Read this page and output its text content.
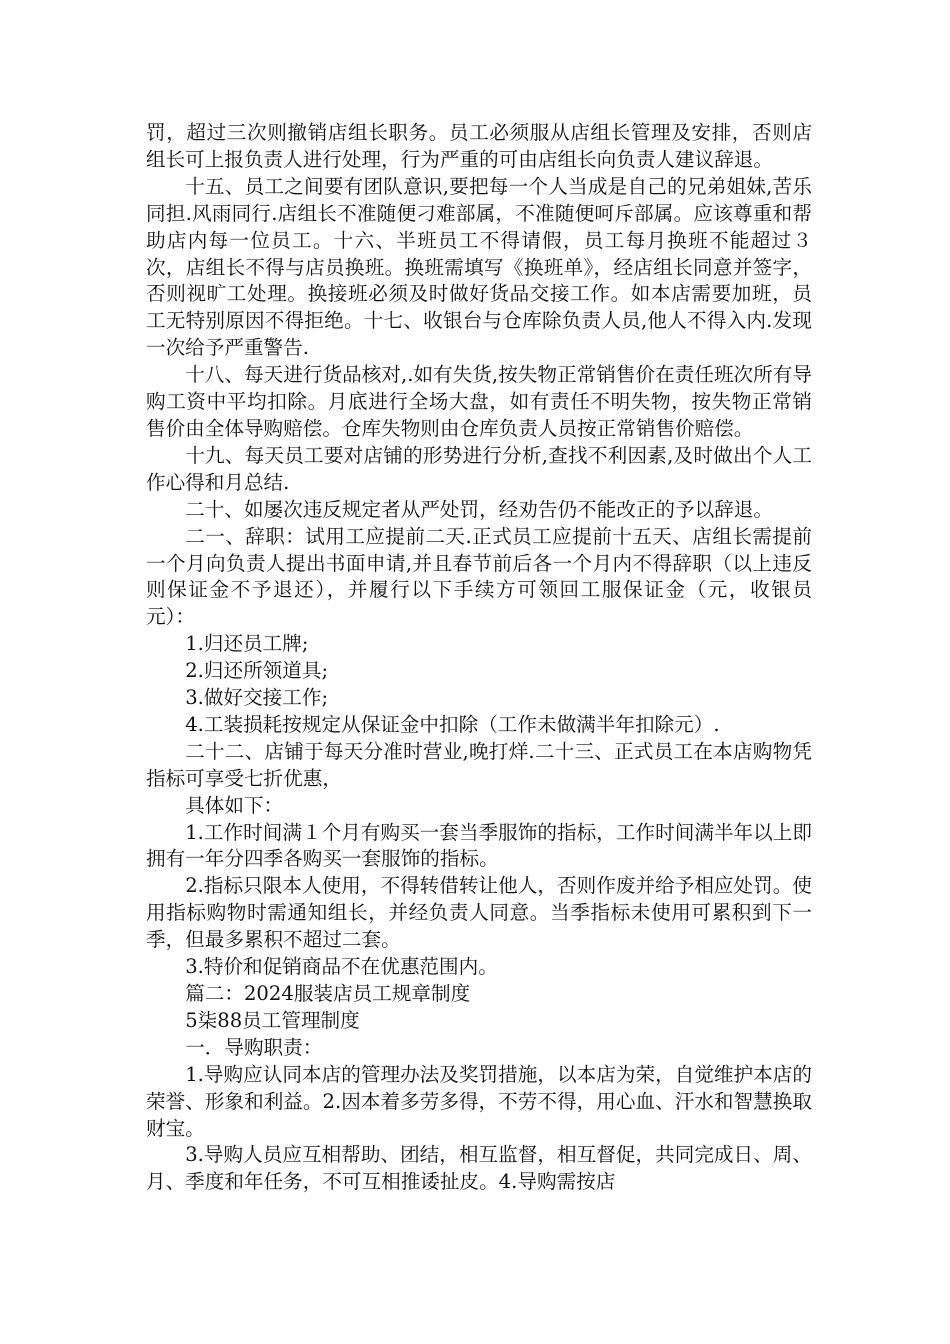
罚，超过三次则撤销店组长职务。员工必须服从店组长管理及安排，否则店组长可上报负责人进行处理，行为严重的可由店组长向负责人建议辞退。

十五、员工之间要有团队意识,要把每一个人当成是自己的兄弟姐妹,苦乐同担.风雨同行.店组长不准随便刁难部属，不准随便呵斥部属。应该尊重和帮助店内每一位员工。十六、半班员工不得请假，员工每月换班不能超过３次，店组长不得与店员换班。换班需填写《换班单》，经店组长同意并签字，否则视旷工处理。换接班必须及时做好货品交接工作。如本店需要加班，员工无特别原因不得拒绝。十七、收银台与仓库除负责人员,他人不得入内.发现一次给予严重警告.

十八、每天进行货品核对,.如有失货,按失物正常销售价在责任班次所有导购工资中平均扣除。月底进行全场大盘，如有责任不明失物，按失物正常销售价由全体导购赔偿。仓库失物则由仓库负责人员按正常销售价赔偿。

十九、每天员工要对店铺的形势进行分析,查找不利因素,及时做出个人工作心得和月总结.

二十、如屡次违反规定者从严处罚，经劝告仍不能改正的予以辞退。

二一、辞职：试用工应提前二天.正式员工应提前十五天、店组长需提前一个月向负责人提出书面申请,并且春节前后各一个月内不得辞职（以上违反则保证金不予退还），并履行以下手续方可领回工服保证金（元，收银员元）：

1.归还员工牌;

2.归还所领道具;

3.做好交接工作;

4.工装损耗按规定从保证金中扣除（工作未做满半年扣除元）.

二十二、店铺于每天分准时营业,晚打烊.二十三、正式员工在本店购物凭指标可享受七折优惠，

具体如下：

1.工作时间满１个月有购买一套当季服饰的指标，工作时间满半年以上即拥有一年分四季各购买一套服饰的指标。

2.指标只限本人使用，不得转借转让他人，否则作废并给予相应处罚。使用指标购物时需通知组长，并经负责人同意。当季指标未使用可累积到下一季，但最多累积不超过二套。

3.特价和促销商品不在优惠范围内。

篇二：2024服装店员工规章制度

5柒88员工管理制度

一．导购职责：

1.导购应认同本店的管理办法及奖罚措施，以本店为荣，自觉维护本店的荣誉、形象和利益。2.因本着多劳多得，不劳不得，用心血、汗水和智慧换取财宝。

3.导购人员应互相帮助、团结，相互监督，相互督促，共同完成日、周、月、季度和年任务，不可互相推诿扯皮。4.导购需按店
